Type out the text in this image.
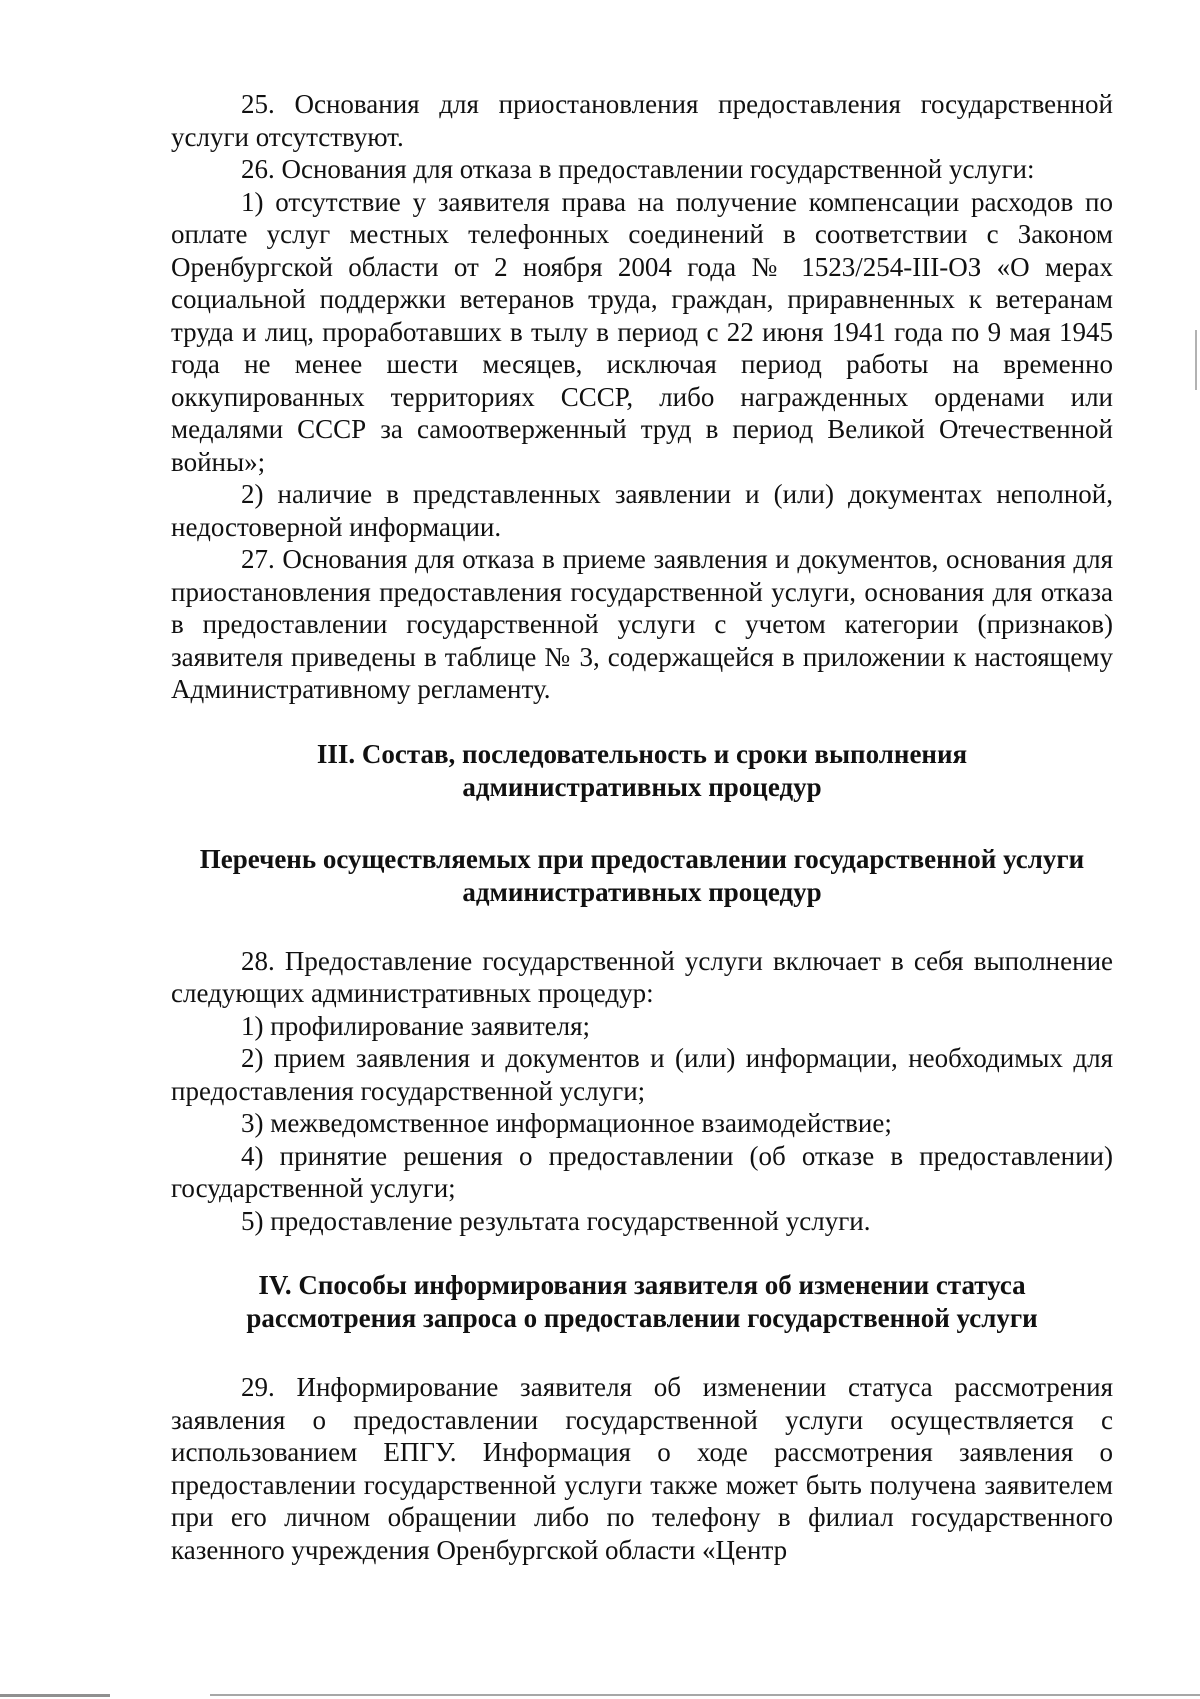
25. Основания для приостановления предоставления государственной услуги отсутствуют.

26. Основания для отказа в предоставлении государственной услуги:

1) отсутствие у заявителя права на получение компенсации расходов по оплате услуг местных телефонных соединений в соответствии с Законом Оренбургской области от 2 ноября 2004 года № 1523/254-III-ОЗ «О мерах социальной поддержки ветеранов труда, граждан, приравненных к ветеранам труда и лиц, проработавших в тылу в период с 22 июня 1941 года по 9 мая 1945 года не менее шести месяцев, исключая период работы на временно оккупированных территориях СССР, либо награжденных орденами или медалями СССР за самоотверженный труд в период Великой Отечественной войны»;

2) наличие в представленных заявлении и (или) документах неполной, недостоверной информации.

27. Основания для отказа в приеме заявления и документов, основания для приостановления предоставления государственной услуги, основания для отказа в предоставлении государственной услуги с учетом категории (признаков) заявителя приведены в таблице № 3, содержащейся в приложении к настоящему Административному регламенту.

III. Состав, последовательность и сроки выполнения
административных процедур
Перечень осуществляемых при предоставлении государственной услуги
административных процедур

28. Предоставление государственной услуги включает в себя выполнение следующих административных процедур:

1) профилирование заявителя;

2) прием заявления и документов и (или) информации, необходимых для предоставления государственной услуги;

3) межведомственное информационное взаимодействие;

4) принятие решения о предоставлении (об отказе в предоставлении) государственной услуги;

5) предоставление результата государственной услуги.

IV. Способы информирования заявителя об изменении статуса
рассмотрения запроса о предоставлении государственной услуги

29. Информирование заявителя об изменении статуса рассмотрения заявления о предоставлении государственной услуги осуществляется с использованием ЕПГУ. Информация о ходе рассмотрения заявления о предоставлении государственной услуги также может быть получена заявителем при его личном обращении либо по телефону в филиал государственного казенного учреждения Оренбургской области «Центр
